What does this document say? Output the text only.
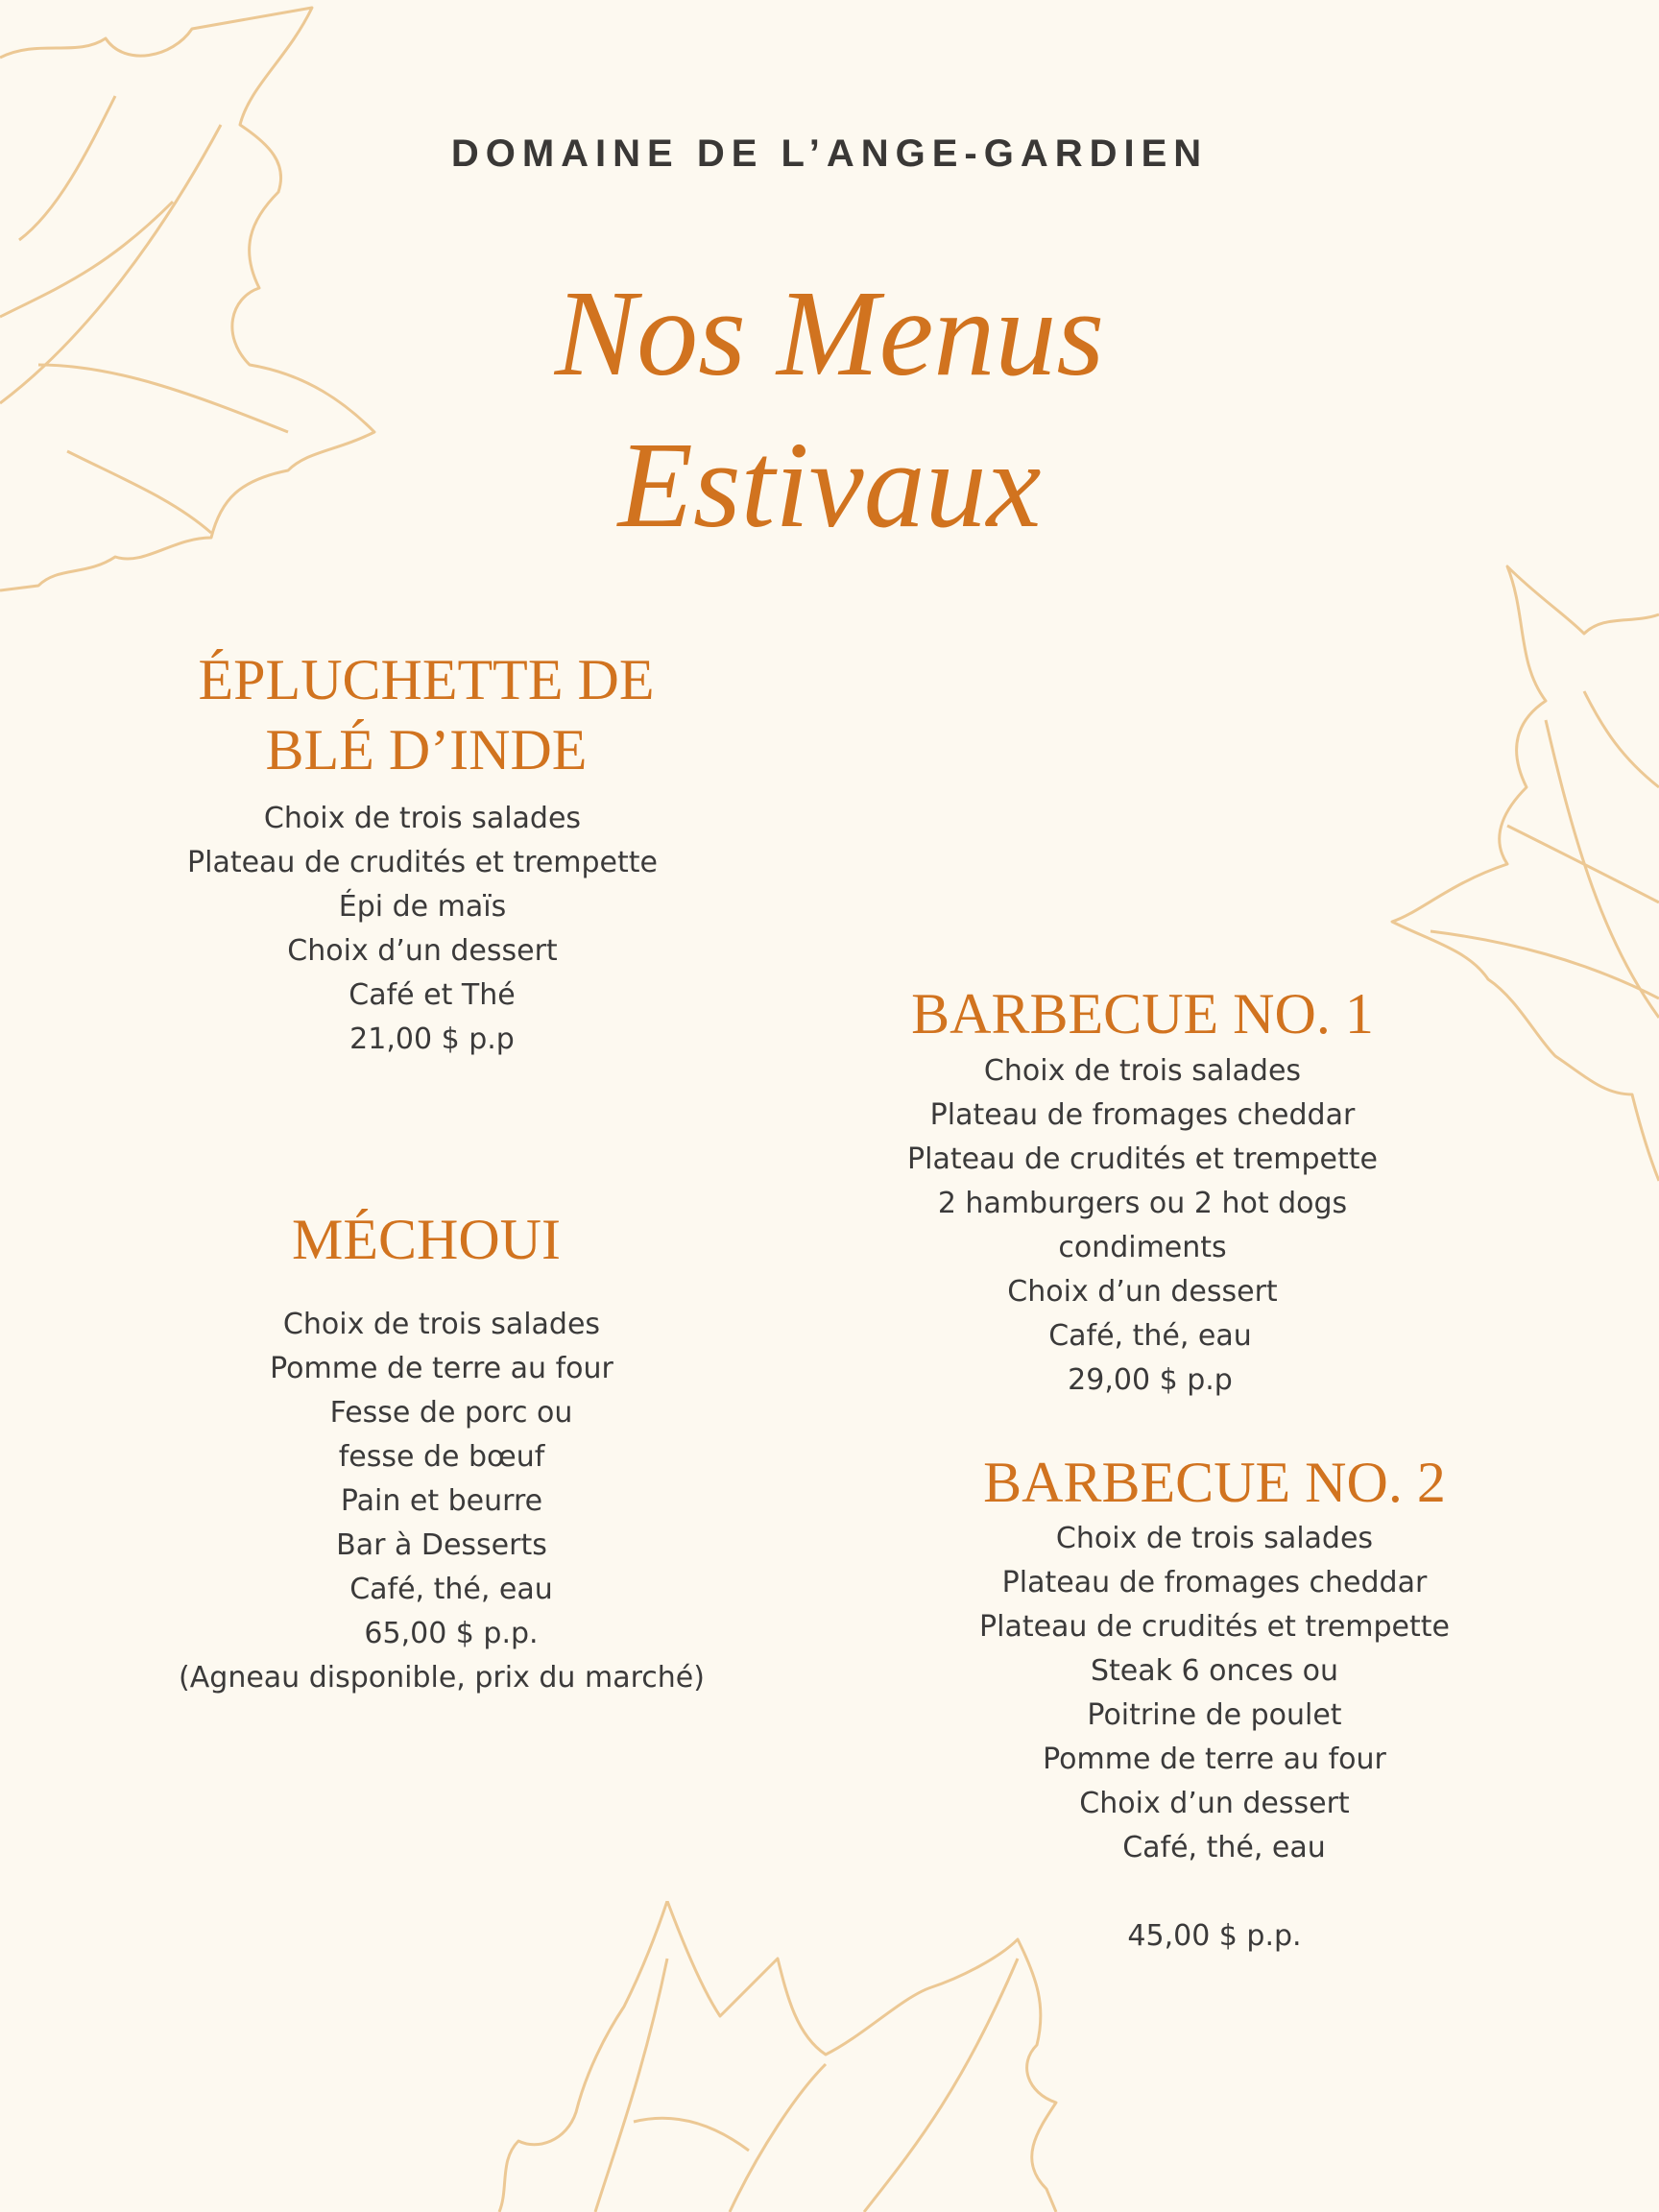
DOMAINE DE L’ANGE-GARDIEN
Nos Menus
Estivaux
ÉPLUCHETTE DE
BLÉ D’INDE
Choix de trois salades
Plateau de crudités et trempette
Épi de maïs
Choix d’un dessert
Café et Thé
21,00 $ p.p
MÉCHOUI
Choix de trois salades
Pomme de terre au four
Fesse de porc ou
fesse de bœuf
Pain et beurre
Bar à Desserts
Café, thé, eau
65,00 $ p.p.
(Agneau disponible, prix du marché)
BARBECUE NO. 1
Choix de trois salades
Plateau de fromages cheddar
Plateau de crudités et trempette
2 hamburgers ou 2 hot dogs
condiments
Choix d’un dessert
Café, thé, eau
29,00 $ p.p
BARBECUE NO. 2
Choix de trois salades
Plateau de fromages cheddar
Plateau de crudités et trempette
Steak 6 onces ou
Poitrine de poulet
Pomme de terre au four
Choix d’un dessert
Café, thé, eau
45,00 $ p.p.
